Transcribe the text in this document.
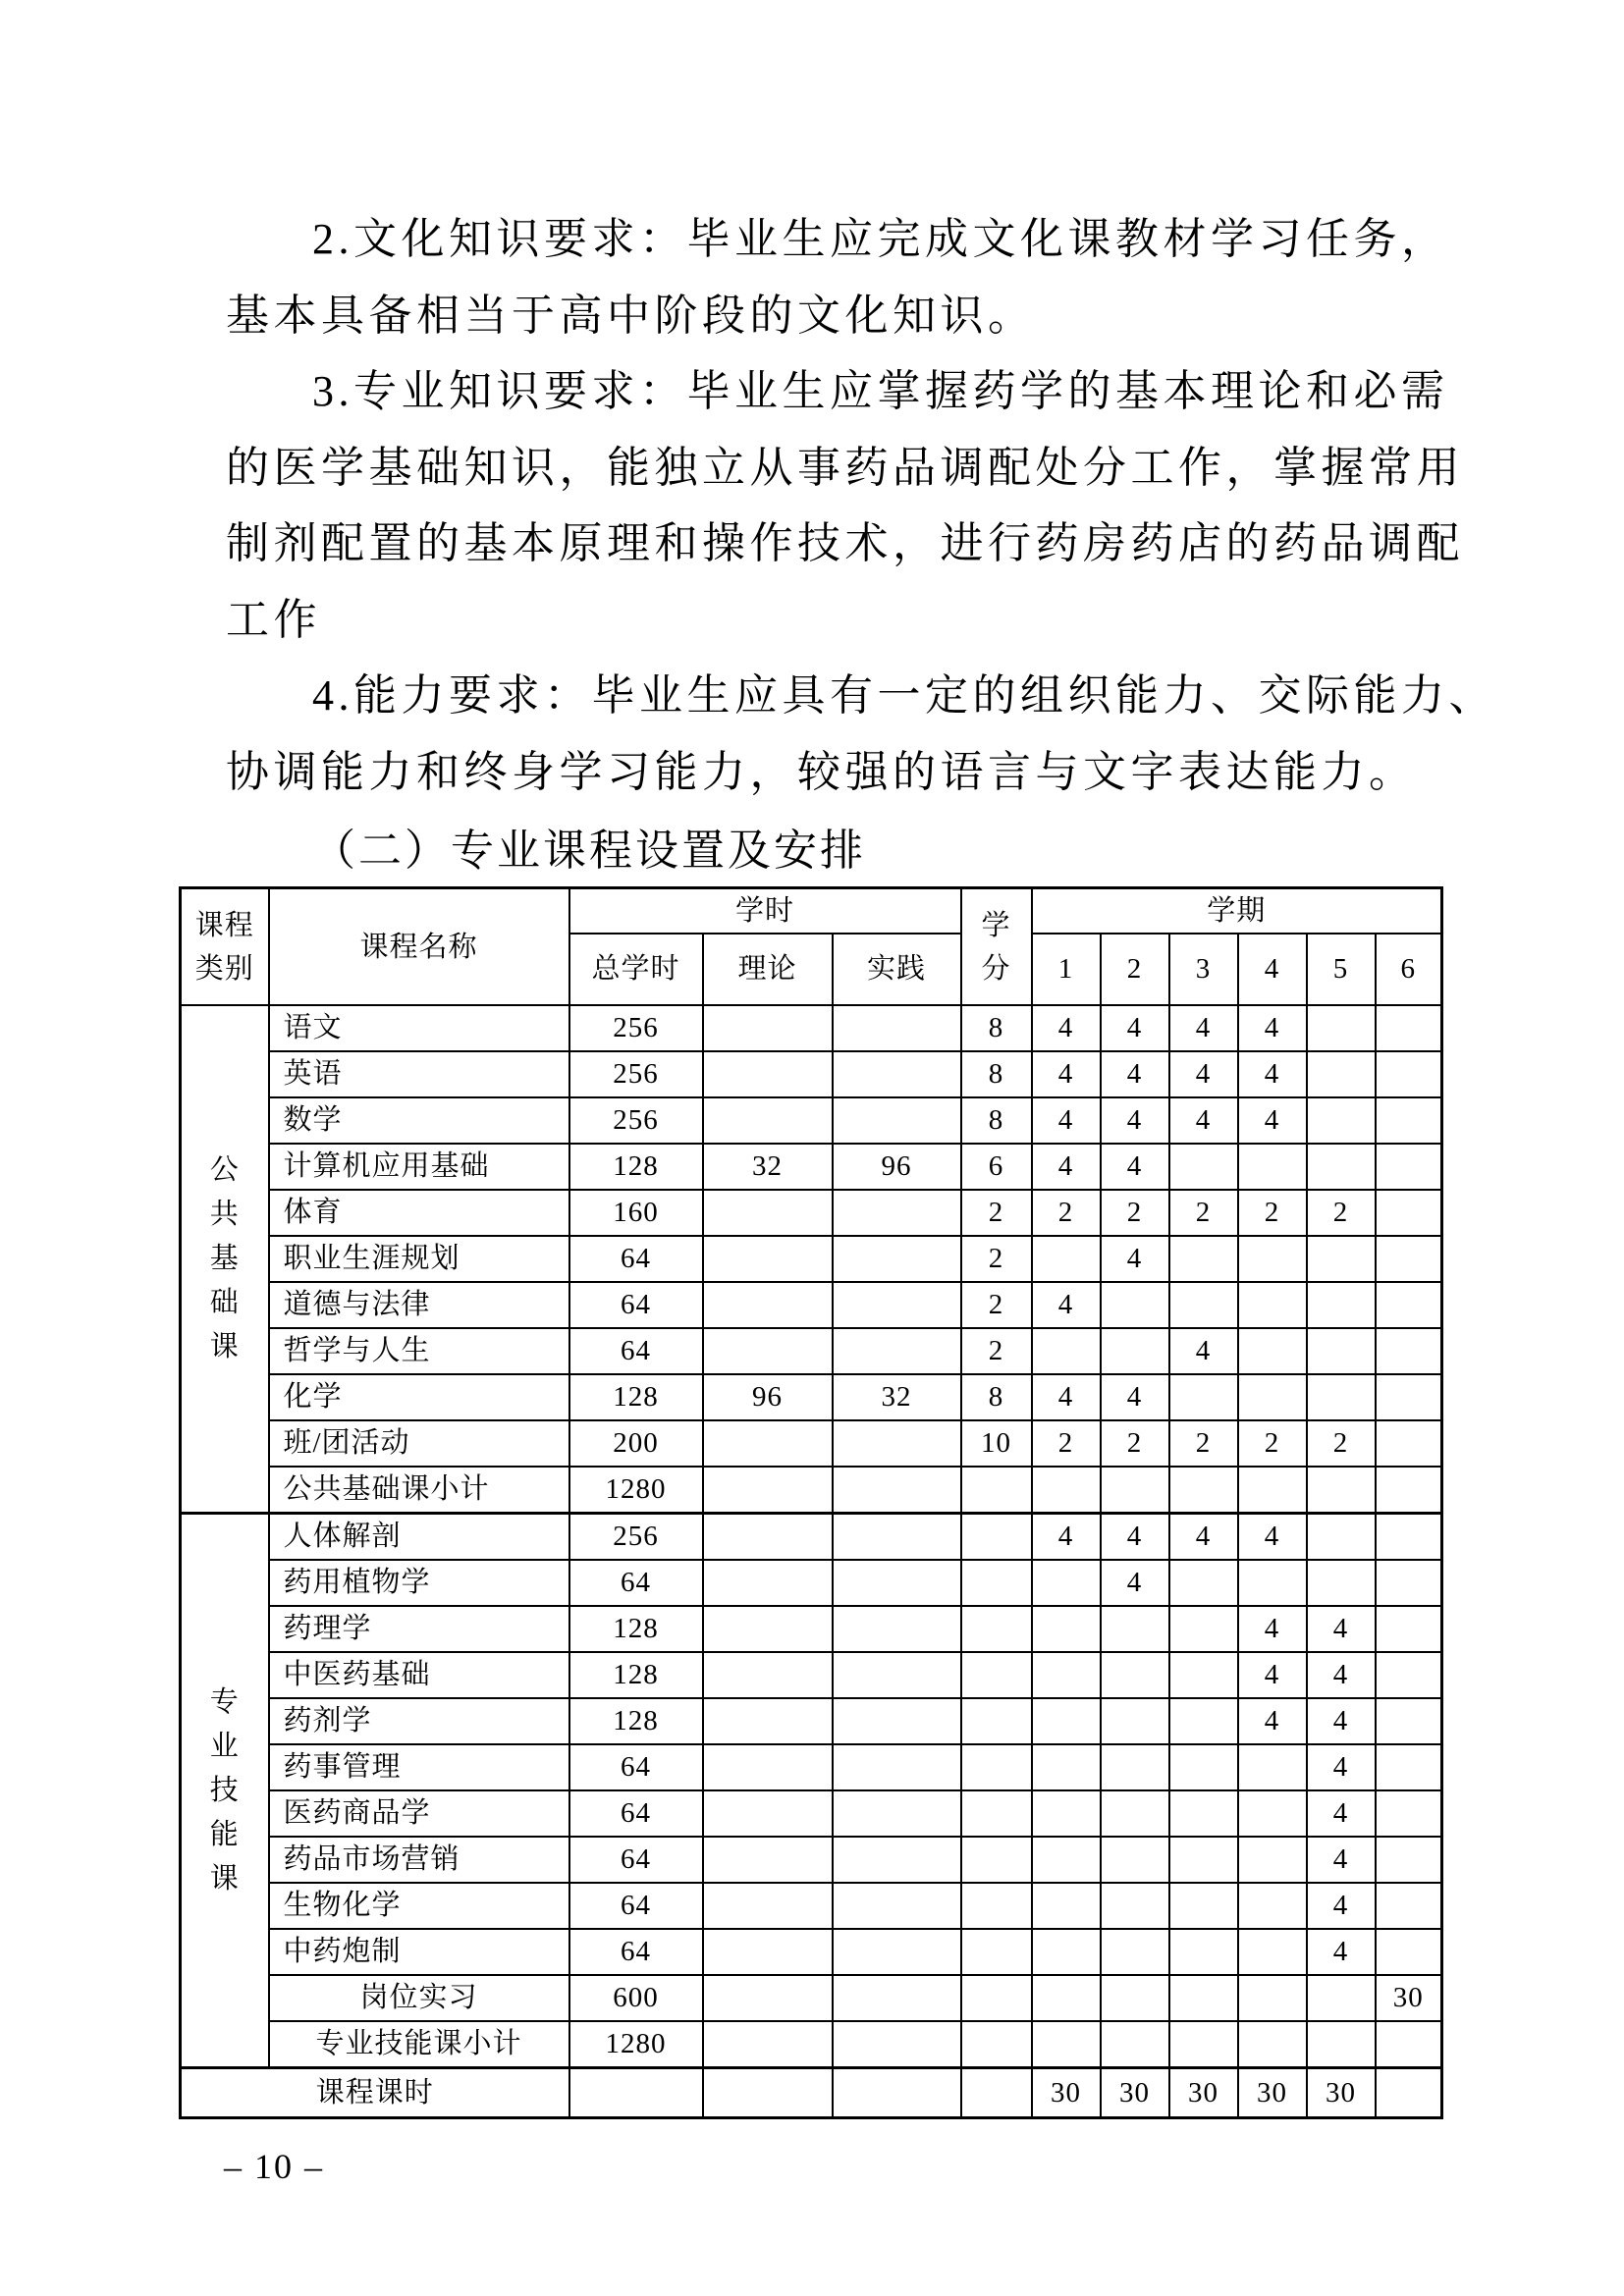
2.文化知识要求：毕业生应完成文化课教材学习任务，
基本具备相当于高中阶段的文化知识。
3.专业知识要求：毕业生应掌握药学的基本理论和必需
的医学基础知识，能独立从事药品调配处分工作，掌握常用
制剂配置的基本原理和操作技术，进行药房药店的药品调配
工作
4.能力要求：毕业生应具有一定的组织能力、交际能力、
协调能力和终身学习能力，较强的语言与文字表达能力。
（二）专业课程设置及安排
课程
类别
	课程名称	学时	学
分
	学期
		总学时	理论	实践		1	2	3	4	5	6

公
共
基
础
课	语文	256			8	4	4	4	4		
	英语	256			8	4	4	4	4		
	数学	256			8	4	4	4	4		
	计算机应用基础	128	32	96	6	4	4				
	体育	160			2	2	2	2	2	2	
	职业生涯规划	64			2		4				
	道德与法律	64			2	4					
	哲学与人生	64			2			4			
	化学	128	96	32	8	4	4				
	班/团活动	200			10	2	2	2	2	2	
	公共基础课小计	1280									

专
业
技
能
课	人体解剖	256				4	4	4	4		
	药用植物学	64					4				
	药理学	128							4	4	
	中医药基础	128							4	4	
	药剂学	128							4	4	
	药事管理	64								4	
	医药商品学	64								4	
	药品市场营销	64								4	
	生物化学	64								4	
	中药炮制	64								4	
	岗位实习	600									30
	专业技能课小计	1280									
课程课时						30	30	30	30	30	
– 10 –
